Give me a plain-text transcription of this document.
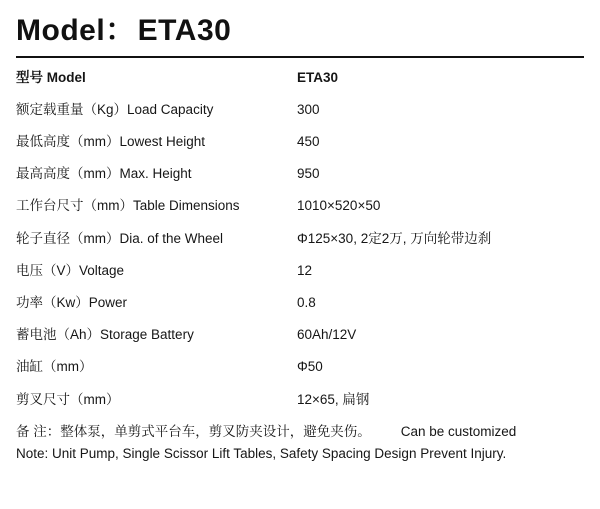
Model：ETA30
型号 Model	ETA30
额定载重量（Kg）Load Capacity	300
最低高度（mm）Lowest Height	450
最高高度（mm）Max. Height	950
工作台尺寸（mm）Table Dimensions	1010×520×50
轮子直径（mm）Dia. of the Wheel	Φ125×30, 2定2万, 万向轮带边刹
电压（V）Voltage	12
功率（Kw）Power	0.8
蓄电池（Ah）Storage Battery	60Ah/12V
油缸（mm）	Φ50
剪叉尺寸（mm）	12×65, 扁钢
备 注：整体泵，单剪式平台车，剪叉防夹设计，避免夹伤。 Can be customized
Note: Unit Pump, Single Scissor Lift Tables, Safety Spacing Design Prevent Injury.
